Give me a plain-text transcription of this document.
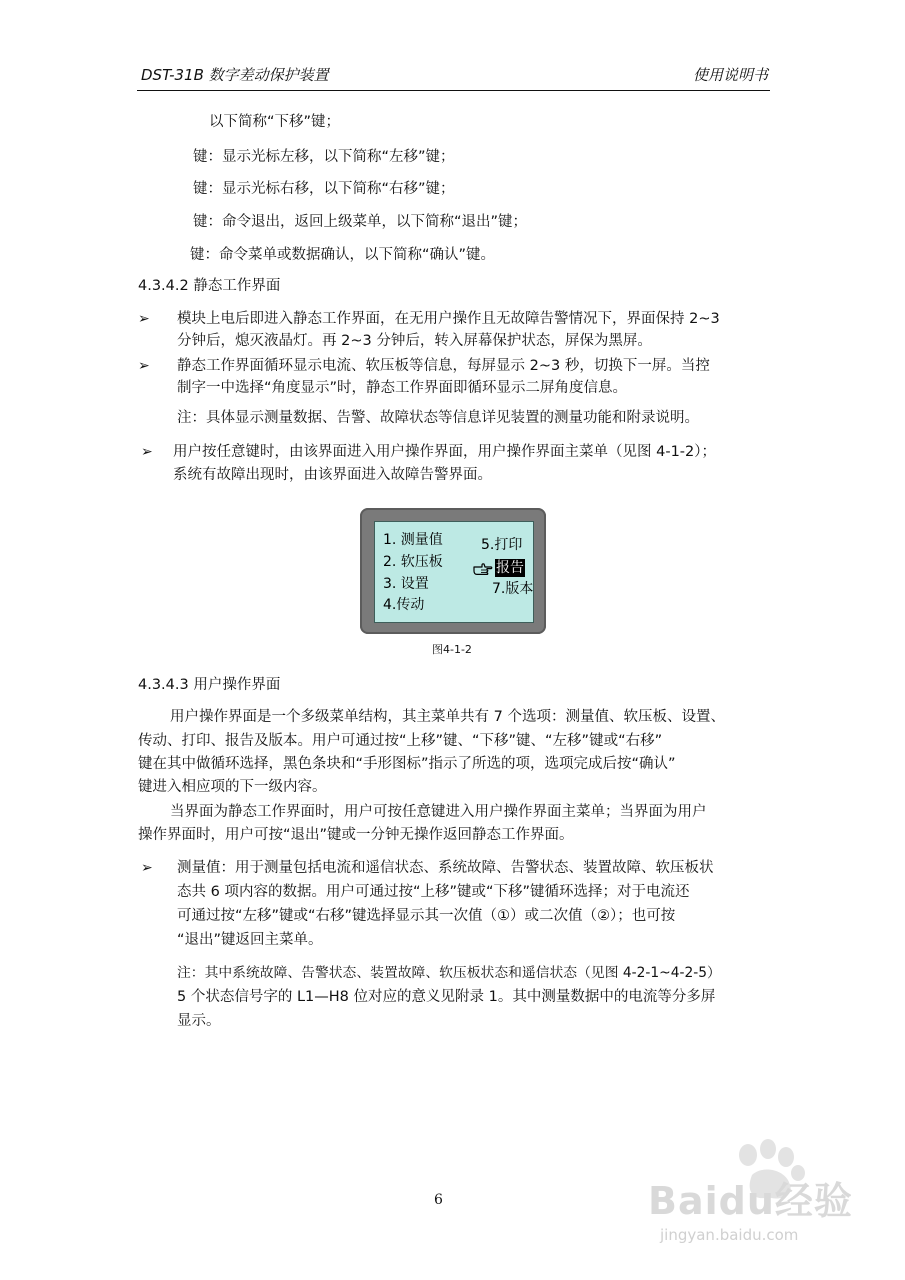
DST-31B 数字差动保护装置	使用说明书
以下简称“下移”键；
键：显示光标左移，以下简称“左移”键；
键：显示光标右移，以下简称“右移”键；
键：命令退出，返回上级菜单，以下简称“退出”键；
键：命令菜单或数据确认，以下简称“确认”键。
4.3.4.2 静态工作界面
➢ 模块上电后即进入静态工作界面，在无用户操作且无故障告警情况下，界面保持 2~3
分钟后，熄灭液晶灯。再 2~3 分钟后，转入屏幕保护状态，屏保为黑屏。
➢ 静态工作界面循环显示电流、软压板等信息，每屏显示 2~3 秒，切换下一屏。当控
制字一中选择“角度显示”时，静态工作界面即循环显示二屏角度信息。
注：具体显示测量数据、告警、故障状态等信息详见装置的测量功能和附录说明。
➢ 用户按任意键时，由该界面进入用户操作界面，用户操作界面主菜单（见图 4-1-2）；
系统有故障出现时，由该界面进入故障告警界面。
1. 测量值
2. 软压板
3. 设置
4.传动
5.打印
报告
7.版本
图4-1-2
4.3.4.3 用户操作界面
用户操作界面是一个多级菜单结构，其主菜单共有 7 个选项：测量值、软压板、设置、
传动、打印、报告及版本。用户可通过按“上移”键、“下移”键、“左移”键或“右移”
键在其中做循环选择，黑色条块和“手形图标”指示了所选的项，选项完成后按“确认”
键进入相应项的下一级内容。
当界面为静态工作界面时，用户可按任意键进入用户操作界面主菜单；当界面为用户
操作界面时，用户可按“退出”键或一分钟无操作返回静态工作界面。
➢ 测量值：用于测量包括电流和遥信状态、系统故障、告警状态、装置故障、软压板状
态共 6 项内容的数据。用户可通过按“上移”键或“下移”键循环选择；对于电流还
可通过按“左移”键或“右移”键选择显示其一次值（①）或二次值（②）；也可按
“退出”键返回主菜单。
注：其中系统故障、告警状态、装置故障、软压板状态和遥信状态（见图 4-2-1~4-2-5）
5 个状态信号字的 L1—H8 位对应的意义见附录 1。其中测量数据中的电流等分多屏
显示。
6	Baidu经验
jingyan.baidu.com
